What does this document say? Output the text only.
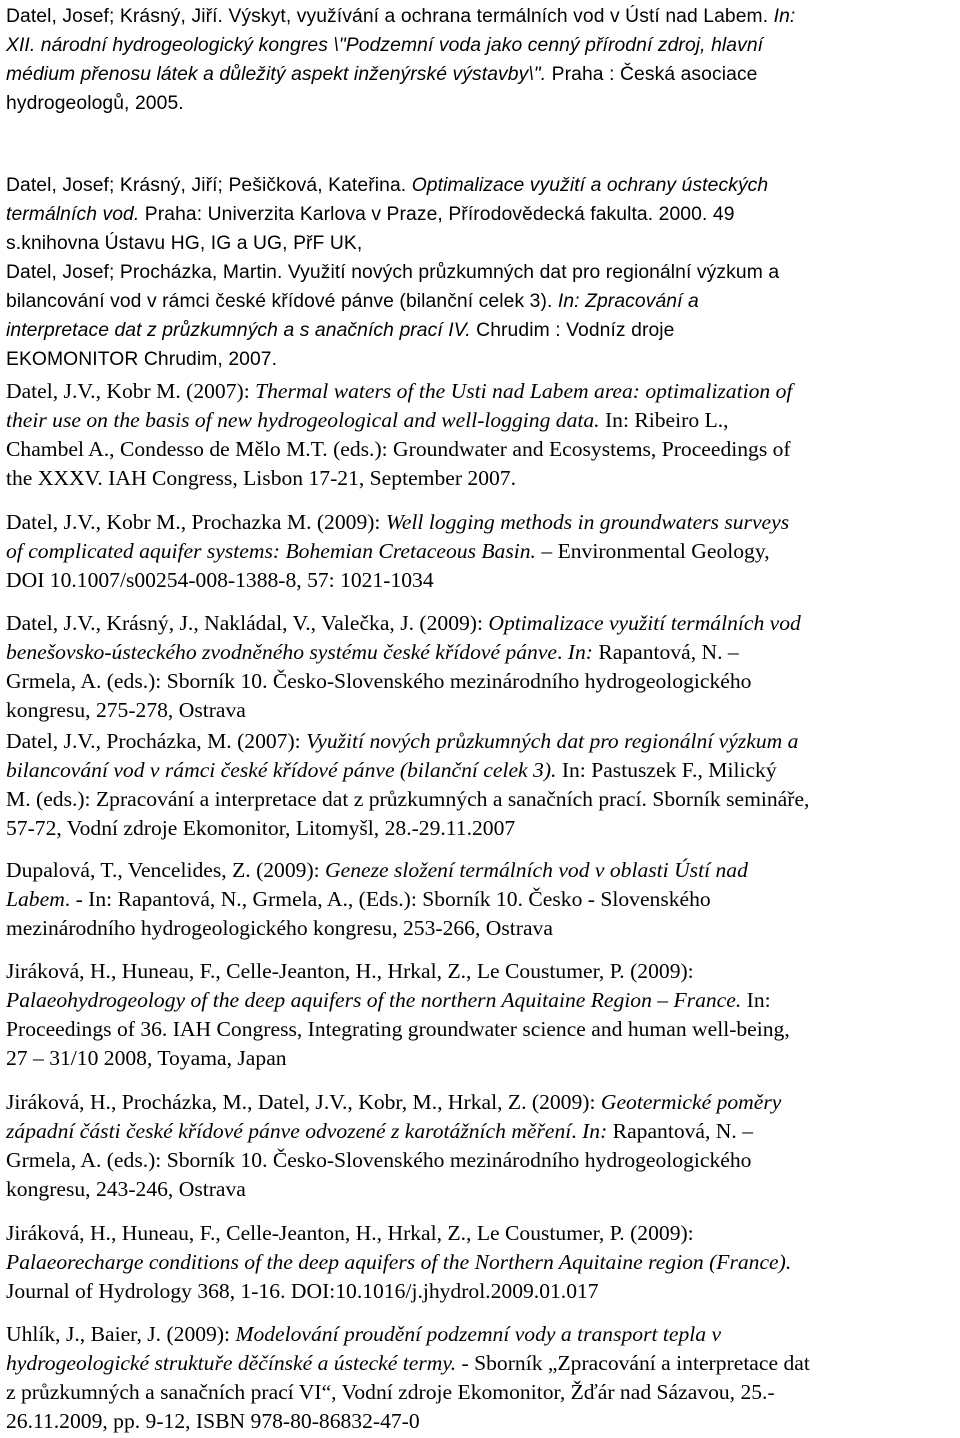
Datel, Josef; Krásný, Jiří. Výskyt, využívání a ochrana termálních vod v Ústí nad Labem. In:
XII. národní hydrogeologický kongres \"Podzemní voda jako cenný přírodní zdroj, hlavní
médium přenosu látek a důležitý aspekt inženýrské výstavby\". Praha : Česká asociace
hydrogeologů, 2005.
Datel, Josef; Krásný, Jiří; Pešičková, Kateřina. Optimalizace využití a ochrany ústeckých
termálních vod. Praha: Univerzita Karlova v Praze, Přírodovědecká fakulta. 2000. 49
s.knihovna Ústavu HG, IG a UG, PřF UK,
Datel, Josef; Procházka, Martin. Využití nových průzkumných dat pro regionální výzkum a
bilancování vod v rámci české křídové pánve (bilanční celek 3). In: Zpracování a
interpretace dat z průzkumných a s anačních prací IV. Chrudim : Vodníz droje
EKOMONITOR Chrudim, 2007.
Datel, J.V., Kobr M. (2007): Thermal waters of the Usti nad Labem area: optimalization of
their use on the basis of new hydrogeological and well-logging data. In: Ribeiro L.,
Chambel A., Condesso de Mělo M.T. (eds.): Groundwater and Ecosystems, Proceedings of
the XXXV. IAH Congress, Lisbon 17-21, September 2007.
Datel, J.V., Kobr M., Prochazka M. (2009): Well logging methods in groundwaters surveys
of complicated aquifer systems: Bohemian Cretaceous Basin. – Environmental Geology,
DOI 10.1007/s00254-008-1388-8, 57: 1021-1034
Datel, J.V., Krásný, J., Nakládal, V., Valečka, J. (2009): Optimalizace využití termálních vod
benešovsko-ústeckého zvodněného systému české křídové pánve. In: Rapantová, N. –
Grmela, A. (eds.): Sborník 10. Česko-Slovenského mezinárodního hydrogeologického
kongresu, 275-278, Ostrava
Datel, J.V., Procházka, M. (2007): Využití nových průzkumných dat pro regionální výzkum a
bilancování vod v rámci české křídové pánve (bilanční celek 3). In: Pastuszek F., Milický
M. (eds.): Zpracování a interpretace dat z průzkumných a sanačních prací. Sborník semináře,
57-72, Vodní zdroje Ekomonitor, Litomyšl, 28.-29.11.2007
Dupalová, T., Vencelides, Z. (2009): Geneze složení termálních vod v oblasti Ústí nad
Labem. - In: Rapantová, N., Grmela, A., (Eds.): Sborník 10. Česko - Slovenského
mezinárodního hydrogeologického kongresu, 253-266, Ostrava
Jiráková, H., Huneau, F., Celle-Jeanton, H., Hrkal, Z., Le Coustumer, P. (2009):
Palaeohydrogeology of the deep aquifers of the northern Aquitaine Region – France. In:
Proceedings of 36. IAH Congress, Integrating groundwater science and human well-being,
27 – 31/10 2008, Toyama, Japan
Jiráková, H., Procházka, M., Datel, J.V., Kobr, M., Hrkal, Z. (2009): Geotermické poměry
západní části české křídové pánve odvozené z karotážních měření. In: Rapantová, N. –
Grmela, A. (eds.): Sborník 10. Česko-Slovenského mezinárodního hydrogeologického
kongresu, 243-246, Ostrava
Jiráková, H., Huneau, F., Celle-Jeanton, H., Hrkal, Z., Le Coustumer, P. (2009):
Palaeorecharge conditions of the deep aquifers of the Northern Aquitaine region (France).
Journal of Hydrology 368, 1-16. DOI:10.1016/j.jhydrol.2009.01.017
Uhlík, J., Baier, J. (2009): Modelování proudění podzemní vody a transport tepla v
hydrogeologické struktuře děčínské a ústecké termy. - Sborník „Zpracování a interpretace dat
z průzkumných a sanačních prací VI“, Vodní zdroje Ekomonitor, Žďár nad Sázavou, 25.-
26.11.2009, pp. 9-12, ISBN 978-80-86832-47-0
